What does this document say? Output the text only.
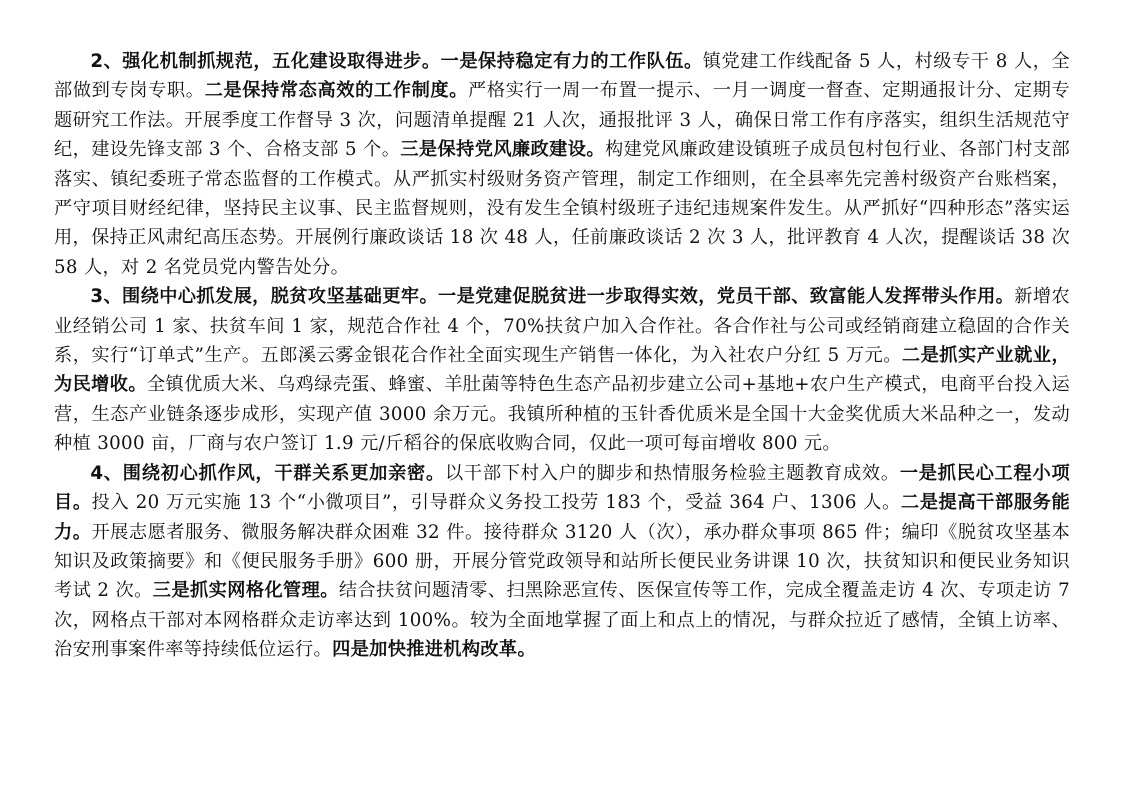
2、强化机制抓规范，五化建设取得进步。一是保持稳定有力的工作队伍。镇党建工作线配备 5 人，村级专干 8 人，全部做到专岗专职。二是保持常态高效的工作制度。严格实行一周一布置一提示、一月一调度一督查、定期通报计分、定期专题研究工作法。开展季度工作督导 3 次，问题清单提醒 21 人次，通报批评 3 人，确保日常工作有序落实，组织生活规范守纪，建设先锋支部 3 个、合格支部 5 个。三是保持党风廉政建设。构建党风廉政建设镇班子成员包村包行业、各部门村支部落实、镇纪委班子常态监督的工作模式。从严抓实村级财务资产管理，制定工作细则，在全县率先完善村级资产台账档案，严守项目财经纪律，坚持民主议事、民主监督规则，没有发生全镇村级班子违纪违规案件发生。从严抓好“四种形态”落实运用，保持正风肃纪高压态势。开展例行廉政谈话 18 次 48 人，任前廉政谈话 2 次 3 人，批评教育 4 人次，提醒谈话 38 次 58 人，对 2 名党员党内警告处分。

3、围绕中心抓发展，脱贫攻坚基础更牢。一是党建促脱贫进一步取得实效，党员干部、致富能人发挥带头作用。新增农业经销公司 1 家、扶贫车间 1 家，规范合作社 4 个，70%扶贫户加入合作社。各合作社与公司或经销商建立稳固的合作关系，实行“订单式”生产。五郎溪云雾金银花合作社全面实现生产销售一体化，为入社农户分红 5 万元。二是抓实产业就业，为民增收。全镇优质大米、乌鸡绿壳蛋、蜂蜜、羊肚菌等特色生态产品初步建立公司+基地+农户生产模式，电商平台投入运营，生态产业链条逐步成形，实现产值 3000 余万元。我镇所种植的玉针香优质米是全国十大金奖优质大米品种之一，发动种植 3000 亩，厂商与农户签订 1.9 元/斤稻谷的保底收购合同，仅此一项可每亩增收 800 元。

4、围绕初心抓作风，干群关系更加亲密。以干部下村入户的脚步和热情服务检验主题教育成效。一是抓民心工程小项目。投入 20 万元实施 13 个“小微项目”，引导群众义务投工投劳 183 个，受益 364 户、1306 人。二是提高干部服务能力。开展志愿者服务、微服务解决群众困难 32 件。接待群众 3120 人（次），承办群众事项 865 件；编印《脱贫攻坚基本知识及政策摘要》和《便民服务手册》600 册，开展分管党政领导和站所长便民业务讲课 10 次，扶贫知识和便民业务知识考试 2 次。三是抓实网格化管理。结合扶贫问题清零、扫黑除恶宣传、医保宣传等工作，完成全覆盖走访 4 次、专项走访 7 次，网格点干部对本网格群众走访率达到 100%。较为全面地掌握了面上和点上的情况，与群众拉近了感情，全镇上访率、治安刑事案件率等持续低位运行。四是加快推进机构改革。
